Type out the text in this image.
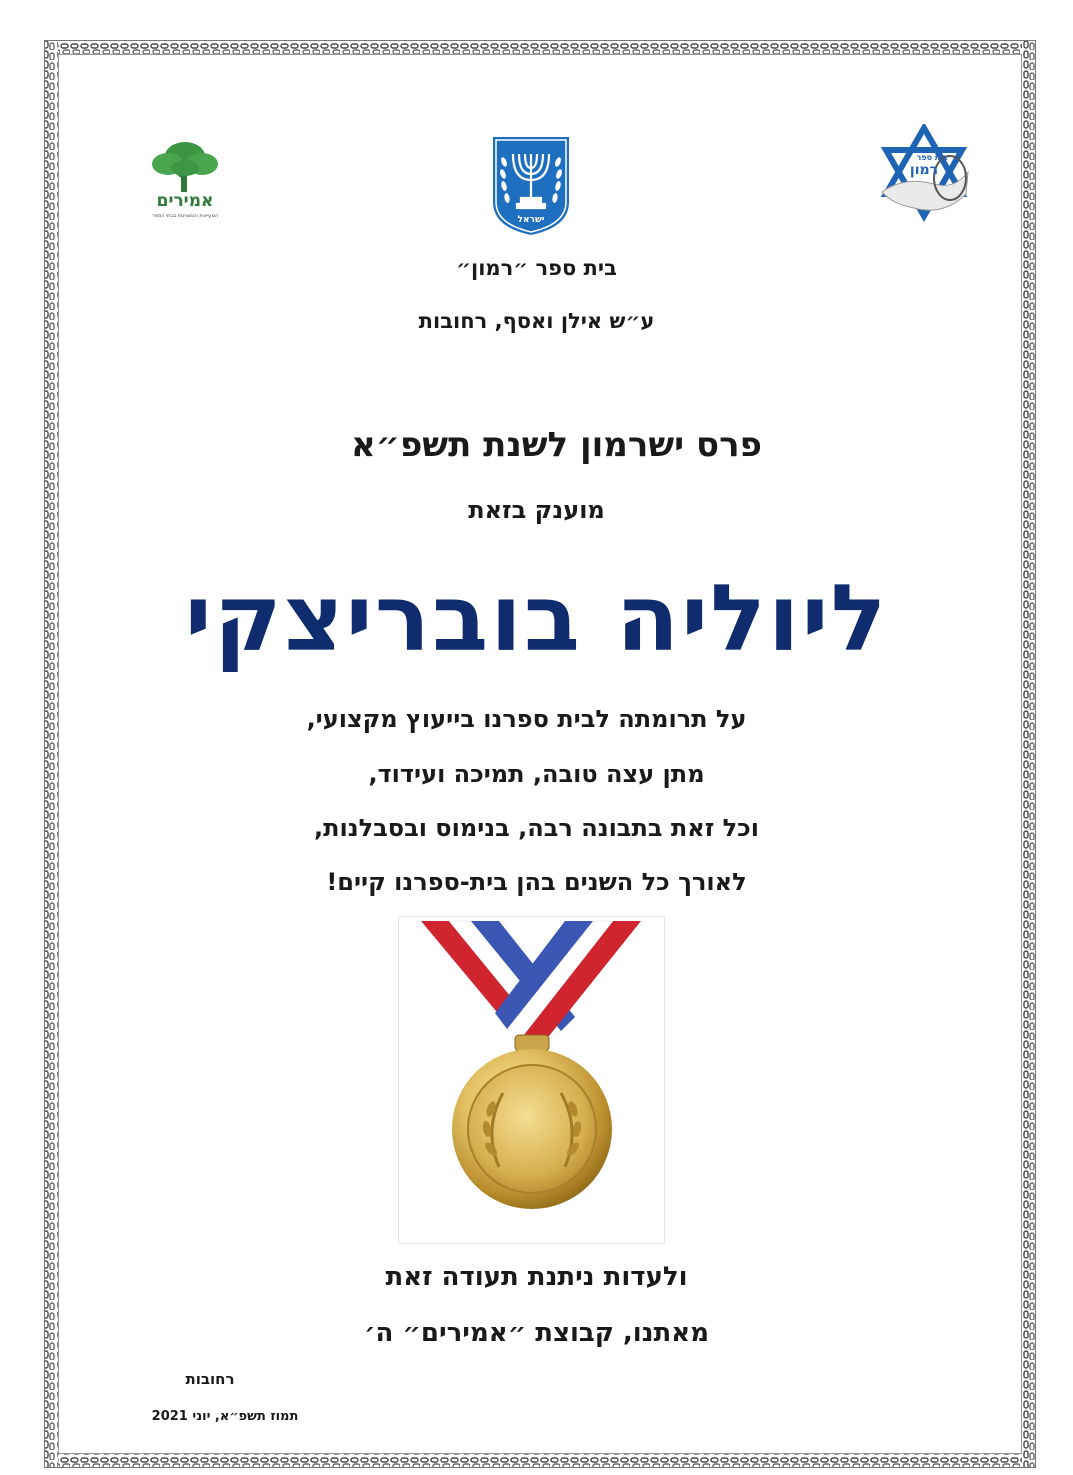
אמירים
המעיינות והמצוינות בבתי הספר	ישראל
בית ספר
רמון
בית ספר ״רמון״
ע״ש אילן ואסף, רחובות
פרס ישרמון לשנת תשפ״א
מוענק בזאת
ליוליה בובריצקי
על תרומתה לבית ספרנו בייעוץ מקצועי,
מתן עצה טובה, תמיכה ועידוד,
וכל זאת בתבונה רבה, בנימוס ובסבלנות,
לאורך כל השנים בהן בית-ספרנו קיים!
ולעדות ניתנת תעודה זאת
מאתנו, קבוצת ״אמירים״ ה׳
רחובות
תמוז תשפ״א, יוני 2021
